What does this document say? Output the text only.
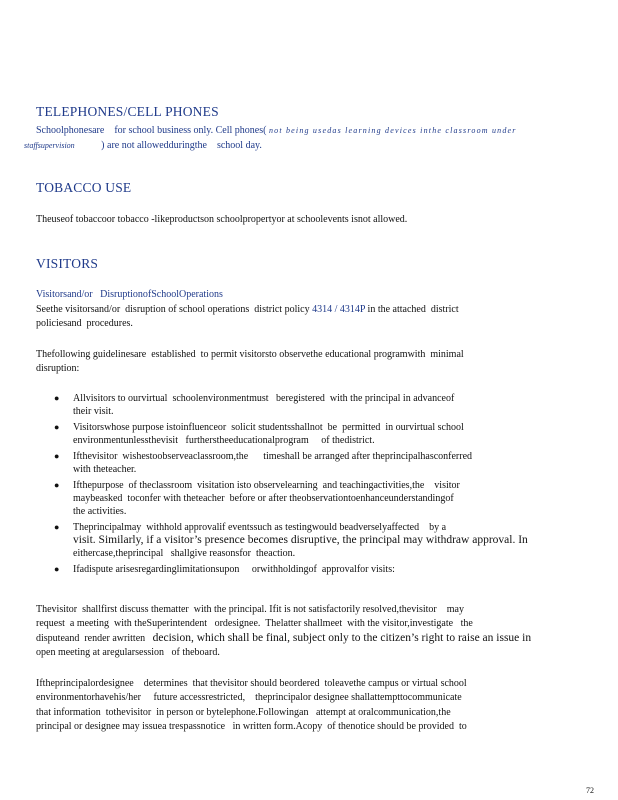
TELEPHONES/CELL PHONES
Schoolphonesare    for school business only. Cell phones( not being usedas learning devices inthe classroom under
staffsupervision	) are not allowedduringthe    school day.
TOBACCO USE
Theuseof tobaccoor tobacco -likeproductson schoolpropertyor at schoolevents isnot allowed.
VISITORS
Visitorsand/or   DisruptionofSchoolOperations
Seethe visitorsand/or  disruption of school operations  district policy 4314 / 4314P in the attached  district
policiesand  procedures.
Thefollowing guidelinesare  established  to permit visitorsto observethe educational programwith  minimal
disruption:
● Allvisitors to ourvirtual  schoolenvironmentmust   beregistered  with the principal in advanceof
their visit.
● Visitorswhose purpose istoinfluenceor  solicit studentsshallnot  be  permitted  in ourvirtual school
environmentunlessthevisit   furtherstheeducationalprogram     of thedistrict.
● Ifthevisitor  wishestoobserveaclassroom,the      timeshall be arranged after theprincipalhasconferred
with theteacher.
● Ifthepurpose  of theclassroom  visitation isto observelearning  and teachingactivities,the    visitor
maybeasked  toconfer with theteacher  before or after theobservationtoenhanceunderstandingof
the activities.
● Theprincipalmay  withhold approvalif eventssuch as testingwould beadverselyaffected    by a
visit. Similarly, if a visitor’s presence becomes disruptive, the principal may withdraw approval. In
eithercase,theprincipal   shallgive reasonsfor  theaction.
● Ifadispute arisesregardinglimitationsupon     orwithholdingof  approvalfor visits:
Thevisitor  shallfirst discuss thematter  with the principal. Ifit is not satisfactorily resolved,thevisitor    may
request  a meeting  with theSuperintendent   ordesignee.  Thelatter shallmeet  with the visitor,investigate   the
disputeand  render awritten   decision, which shall be final, subject only to the citizen’s right to raise an issue in
open meeting at aregularsession   of theboard.
Iftheprincipalordesignee    determines  that thevisitor should beordered  toleavethe campus or virtual school
environmentorhavehis/her     future accessrestricted,    theprincipalor designee shallattempttocommunicate
that information  tothevisitor  in person or bytelephone.Followingan   attempt at oralcommunication,the
principal or designee may issuea trespassnotice   in written form.Acopy  of thenotice should be provided  to
72
